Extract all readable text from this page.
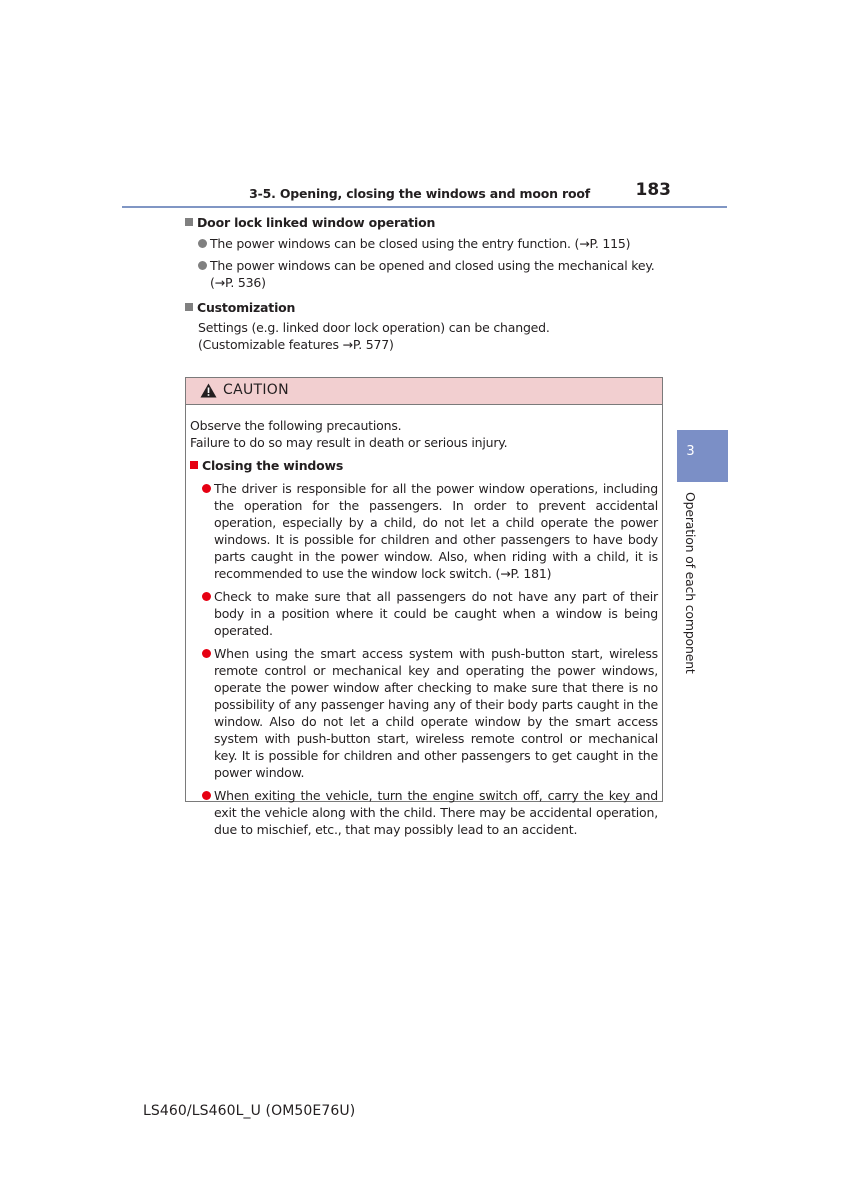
3-5. Opening, closing the windows and moon roof	183
Door lock linked window operation
The power windows can be closed using the entry function. (→P. 115)
The power windows can be opened and closed using the mechanical key.
(→P. 536)
Customization
Settings (e.g. linked door lock operation) can be changed.
(Customizable features →P. 577)
CAUTION
Observe the following precautions.
Failure to do so may result in death or serious injury.
Closing the windows
The driver is responsible for all the power window operations, including the operation for the passengers. In order to prevent accidental operation, especially by a child, do not let a child operate the power windows. It is possible for children and other passengers to have body parts caught in the power window. Also, when riding with a child, it is recommended to use the window lock switch. (→P. 181)
Check to make sure that all passengers do not have any part of their body in a position where it could be caught when a window is being operated.
When using the smart access system with push-button start, wireless remote control or mechanical key and operating the power windows, operate the power window after checking to make sure that there is no possibility of any passenger having any of their body parts caught in the window. Also do not let a child operate window by the smart access system with push-button start, wireless remote control or mechanical key. It is possible for children and other passengers to get caught in the power window.
When exiting the vehicle, turn the engine switch off, carry the key and exit the vehicle along with the child. There may be accidental operation, due to mischief, etc., that may possibly lead to an accident.
3
Operation of each component
LS460/LS460L_U (OM50E76U)
